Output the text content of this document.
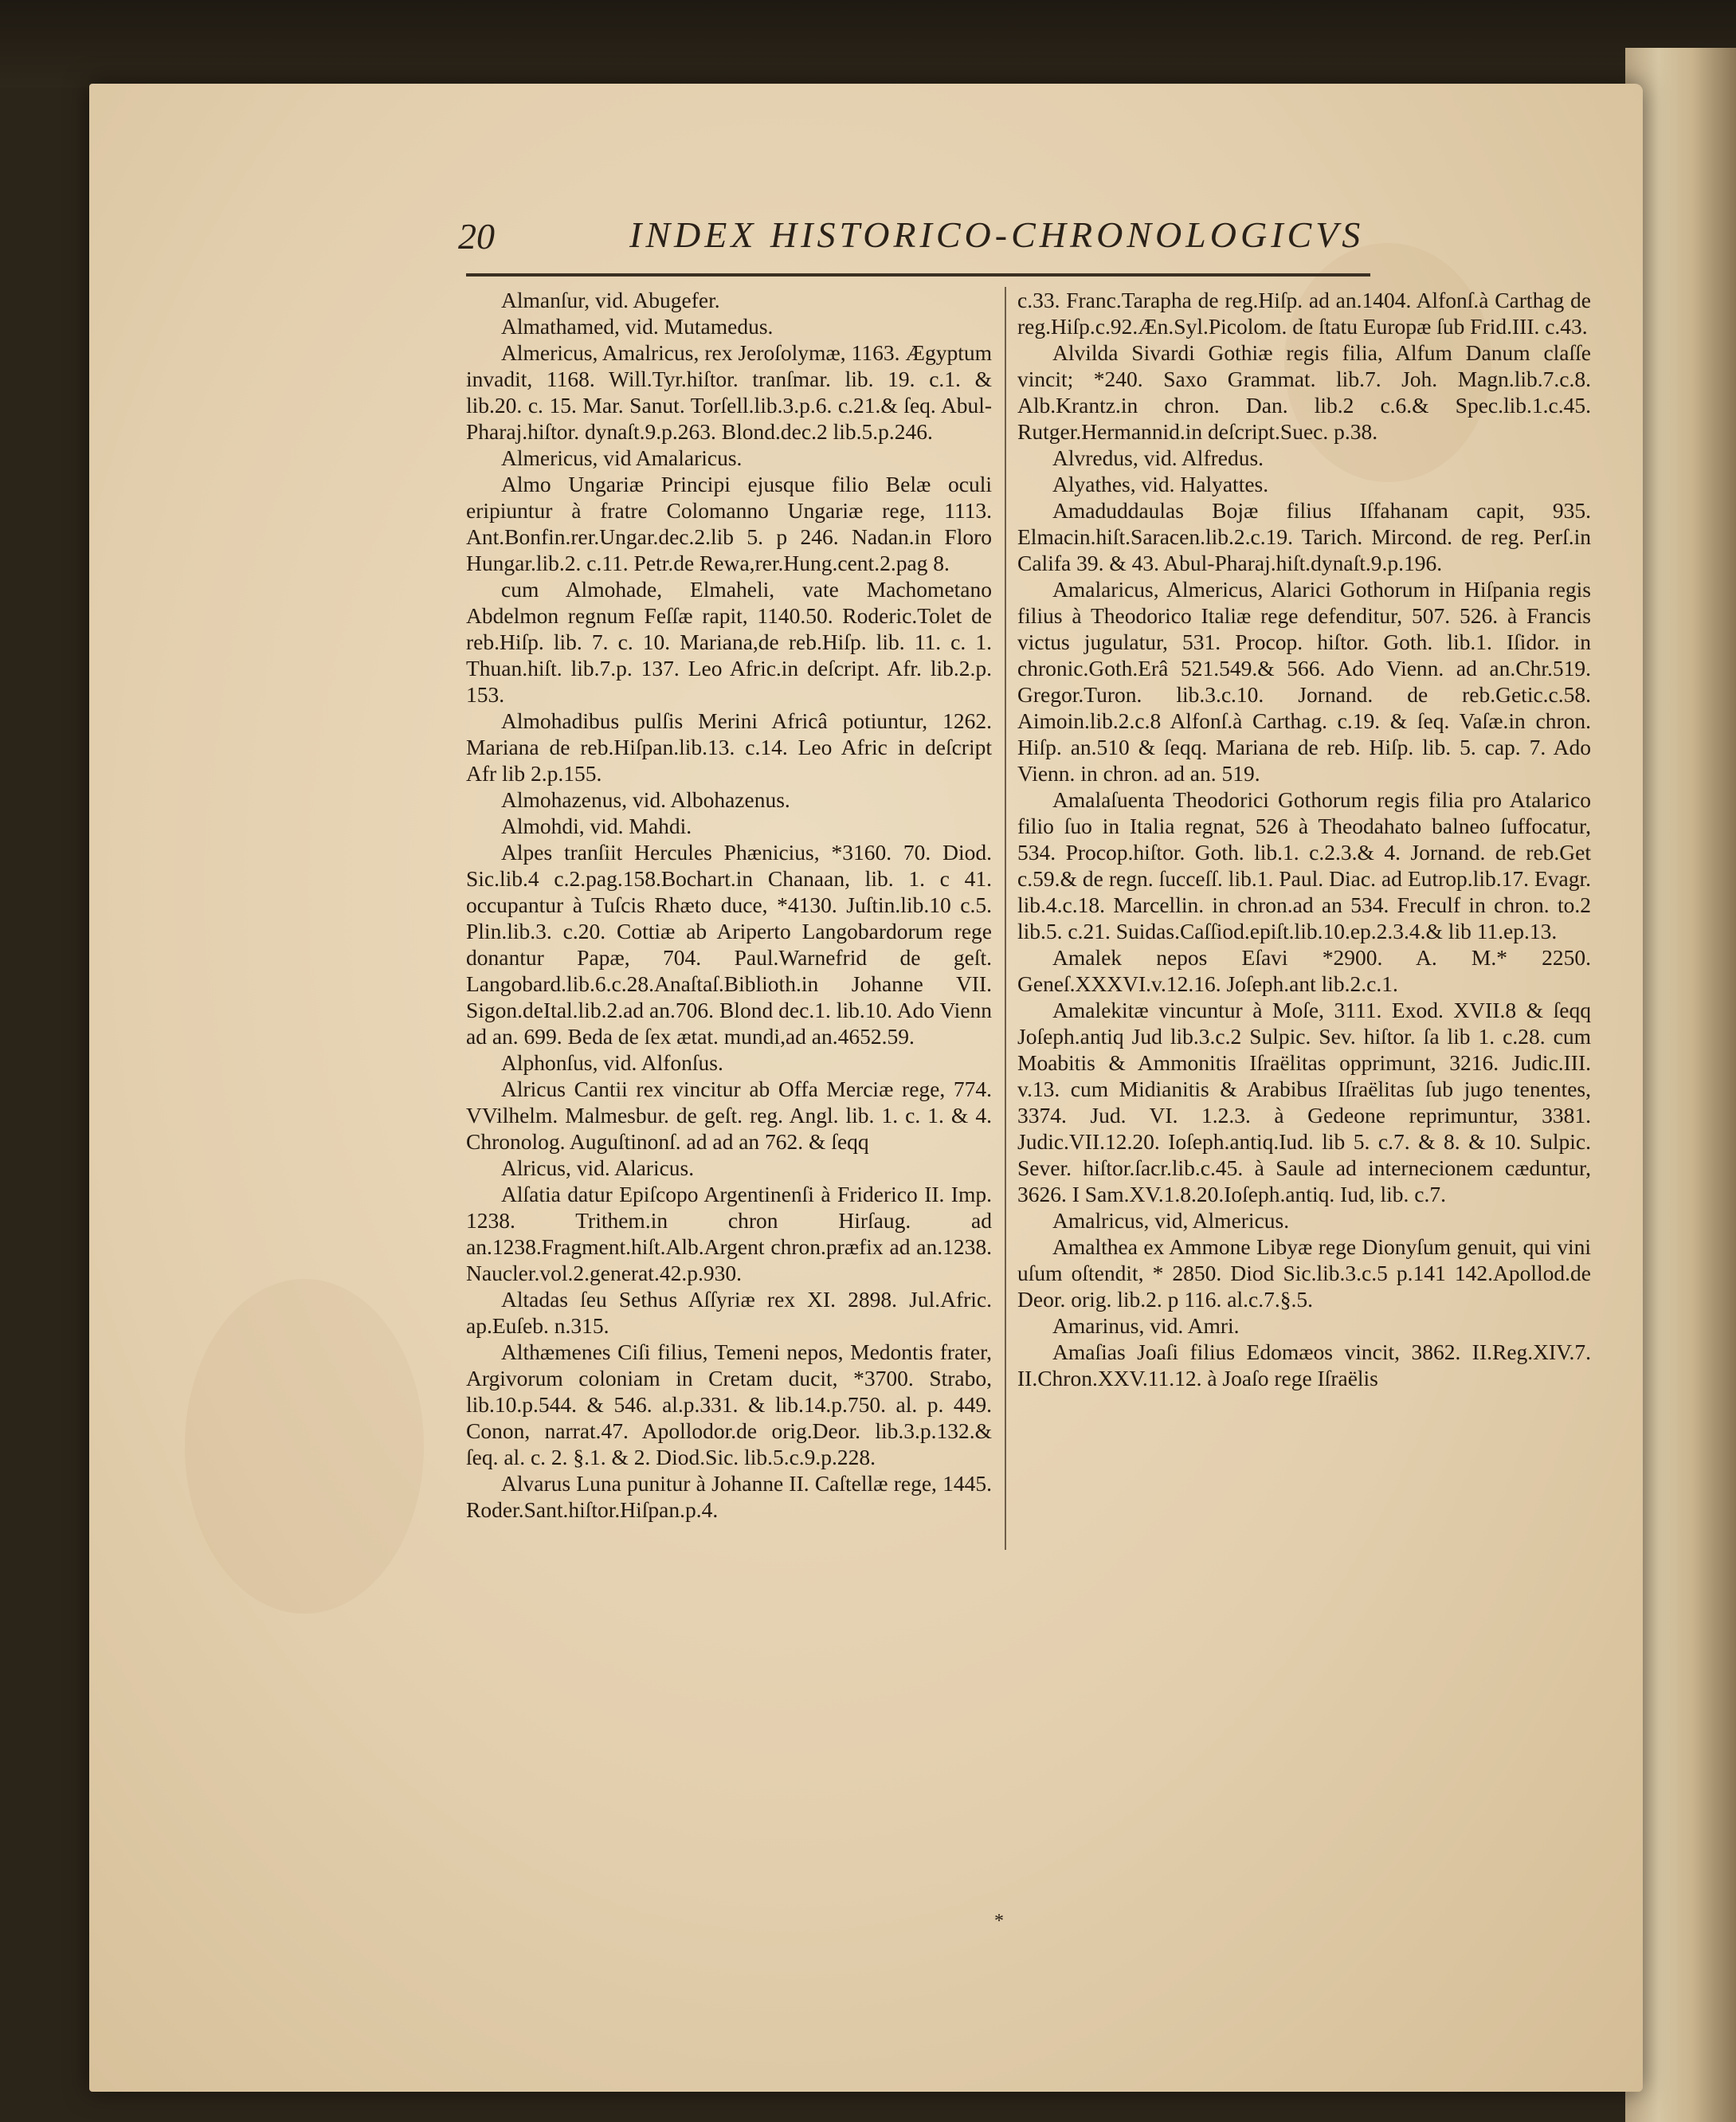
20	INDEX HISTORICO-CHRONOLOGICVS

Almanſur, vid. Abugefer.

Almathamed, vid. Mutamedus.

Almericus, Amalricus, rex Jeroſolymæ, 1163. Ægyptum invadit, 1168. Will.Tyr.hiſtor. tranſmar. lib. 19. c.1. & lib.20. c. 15. Mar. Sanut. Torſell.lib.3.p.6. c.21.& ſeq. Abul-Pharaj.hiſtor. dynaſt.9.p.263. Blond.dec.2 lib.5.p.246.

Almericus, vid Amalaricus.

Almo Ungariæ Principi ejusque filio Belæ oculi eripiuntur à fratre Colomanno Ungariæ rege, 1113. Ant.Bonfin.rer.Ungar.dec.2.lib 5. p 246. Nadan.in Floro Hungar.lib.2. c.11. Petr.de Rewa,rer.Hung.cent.2.pag 8.

cum Almohade, Elmaheli, vate Machometano Abdelmon regnum Feſſæ rapit, 1140.50. Roderic.Tolet de reb.Hiſp. lib. 7. c. 10. Mariana,de reb.Hiſp. lib. 11. c. 1. Thuan.hiſt. lib.7.p. 137. Leo Afric.in deſcript. Afr. lib.2.p. 153.

Almohadibus pulſis Merini Africâ potiuntur, 1262. Mariana de reb.Hiſpan.lib.13. c.14. Leo Afric in deſcript Afr lib 2.p.155.

Almohazenus, vid. Albohazenus.

Almohdi, vid. Mahdi.

Alpes tranſiit Hercules Phænicius, *3160. 70. Diod. Sic.lib.4 c.2.pag.158.Bochart.in Chanaan, lib. 1. c 41. occupantur à Tuſcis Rhæto duce, *4130. Juſtin.lib.10 c.5. Plin.lib.3. c.20. Cottiæ ab Ariperto Langobardorum rege donantur Papæ, 704. Paul.Warnefrid de geſt. Langobard.lib.6.c.28.Anaſtaſ.Biblioth.in Johanne VII. Sigon.deItal.lib.2.ad an.706. Blond dec.1. lib.10. Ado Vienn ad an. 699. Beda de ſex ætat. mundi,ad an.4652.59.

Alphonſus, vid. Alfonſus.

Alricus Cantii rex vincitur ab Offa Merciæ rege, 774. VVilhelm. Malmesbur. de geſt. reg. Angl. lib. 1. c. 1. & 4. Chronolog. Auguſtinonſ. ad ad an 762. & ſeqq

Alricus, vid. Alaricus.

Alſatia datur Epiſcopo Argentinenſi à Friderico II. Imp. 1238. Trithem.in chron Hirſaug. ad an.1238.Fragment.hiſt.Alb.Argent chron.præfix ad an.1238. Naucler.vol.2.generat.42.p.930.

Altadas ſeu Sethus Aſſyriæ rex XI. 2898. Jul.Afric. ap.Euſeb. n.315.

Althæmenes Ciſi filius, Temeni nepos, Medontis frater, Argivorum coloniam in Cretam ducit, *3700. Strabo, lib.10.p.544. & 546. al.p.331. & lib.14.p.750. al. p. 449. Conon, narrat.47. Apollodor.de orig.Deor. lib.3.p.132.& ſeq. al. c. 2. §.1. & 2. Diod.Sic. lib.5.c.9.p.228.

Alvarus Luna punitur à Johanne II. Caſtellæ rege, 1445. Roder.Sant.hiſtor.Hiſpan.p.4.

c.33. Franc.Tarapha de reg.Hiſp. ad an.1404. Alfonſ.à Carthag de reg.Hiſp.c.92.Æn.Syl.Picolom. de ſtatu Europæ ſub Frid.III. c.43.

Alvilda Sivardi Gothiæ regis filia, Alfum Danum claſſe vincit; *240. Saxo Grammat. lib.7. Joh. Magn.lib.7.c.8. Alb.Krantz.in chron. Dan. lib.2 c.6.& Spec.lib.1.c.45. Rutger.Hermannid.in deſcript.Suec. p.38.

Alvredus, vid. Alfredus.

Alyathes, vid. Halyattes.

Amaduddaulas Bojæ filius Iſfahanam capit, 935. Elmacin.hiſt.Saracen.lib.2.c.19. Tarich. Mircond. de reg. Perſ.in Califa 39. & 43. Abul-Pharaj.hiſt.dynaſt.9.p.196.

Amalaricus, Almericus, Alarici Gothorum in Hiſpania regis filius à Theodorico Italiæ rege defenditur, 507. 526. à Francis victus jugulatur, 531. Procop. hiſtor. Goth. lib.1. Iſidor. in chronic.Goth.Erâ 521.549.& 566. Ado Vienn. ad an.Chr.519. Gregor.Turon. lib.3.c.10. Jornand. de reb.Getic.c.58. Aimoin.lib.2.c.8 Alfonſ.à Carthag. c.19. & ſeq. Vaſæ.in chron. Hiſp. an.510 & ſeqq. Mariana de reb. Hiſp. lib. 5. cap. 7. Ado Vienn. in chron. ad an. 519.

Amalaſuenta Theodorici Gothorum regis filia pro Atalarico filio ſuo in Italia regnat, 526 à Theodahato balneo ſuffocatur, 534. Procop.hiſtor. Goth. lib.1. c.2.3.& 4. Jornand. de reb.Get c.59.& de regn. ſucceſſ. lib.1. Paul. Diac. ad Eutrop.lib.17. Evagr. lib.4.c.18. Marcellin. in chron.ad an 534. Freculf in chron. to.2 lib.5. c.21. Suidas.Caſſiod.epiſt.lib.10.ep.2.3.4.& lib 11.ep.13.

Amalek nepos Eſavi *2900. A. M.* 2250. Geneſ.XXXVI.v.12.16. Joſeph.ant lib.2.c.1.

Amalekitæ vincuntur à Moſe, 3111. Exod. XVII.8 & ſeqq Joſeph.antiq Jud lib.3.c.2 Sulpic. Sev. hiſtor. ſa lib 1. c.28. cum Moabitis & Ammonitis Iſraëlitas opprimunt, 3216. Judic.III. v.13. cum Midianitis & Arabibus Iſraëlitas ſub jugo tenentes, 3374. Jud. VI. 1.2.3. à Gedeone reprimuntur, 3381. Judic.VII.12.20. Ioſeph.antiq.Iud. lib 5. c.7. & 8. & 10. Sulpic. Sever. hiſtor.ſacr.lib.c.45. à Saule ad internecionem cæduntur, 3626. I Sam.XV.1.8.20.Ioſeph.antiq. Iud, lib. c.7.

Amalricus, vid, Almericus.

Amalthea ex Ammone Libyæ rege Dionyſum genuit, qui vini uſum oſtendit, * 2850. Diod Sic.lib.3.c.5 p.141 142.Apollod.de Deor. orig. lib.2. p 116. al.c.7.§.5.

Amarinus, vid. Amri.

Amaſias Joaſi filius Edomæos vincit, 3862. II.Reg.XIV.7. II.Chron.XXV.11.12. à Joaſo rege Iſraëlis

*
